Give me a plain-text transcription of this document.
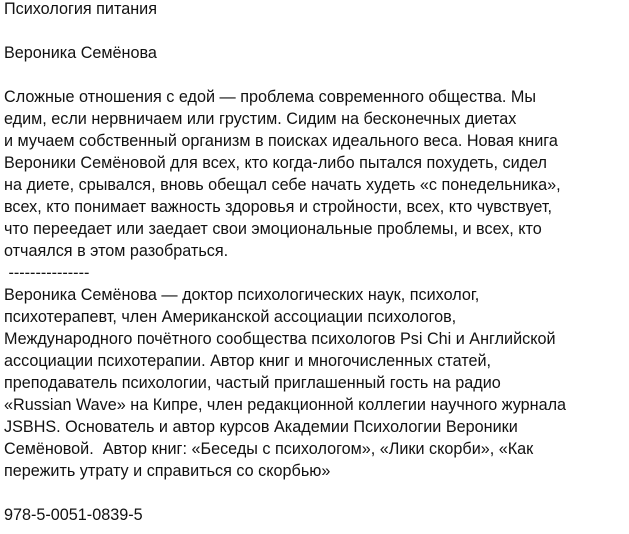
Психология питания
Вероника Семёнова
Сложные отношения с едой — проблема современного общества. Мы
едим, если нервничаем или грустим. Сидим на бесконечных диетах
и мучаем собственный организм в поисках идеального веса. Новая книга
Вероники Семёновой для всех, кто когда-либо пытался похудеть, сидел
на диете, срывался, вновь обещал себе начать худеть «с понедельника»,
всех, кто понимает важность здоровья и стройности, всех, кто чувствует,
что переедает или заедает свои эмоциональные проблемы, и всех, кто
отчаялся в этом разобраться.
---------------
Вероника Семёнова — доктор психологических наук, психолог,
психотерапевт, член Американской ассоциации психологов,
Международного почётного сообщества психологов Psi Chi и Английской
ассоциации психотерапии. Автор книг и многочисленных статей,
преподаватель психологии, частый приглашенный гость на радио
«Russian Wave» на Кипре, член редакционной коллегии научного журнала
JSBHS. Основатель и автор курсов Академии Психологии Вероники
Семёновой.  Автор книг: «Беседы с психологом», «Лики скорби», «Как
пережить утрату и справиться со скорбью»
978-5-0051-0839-5
